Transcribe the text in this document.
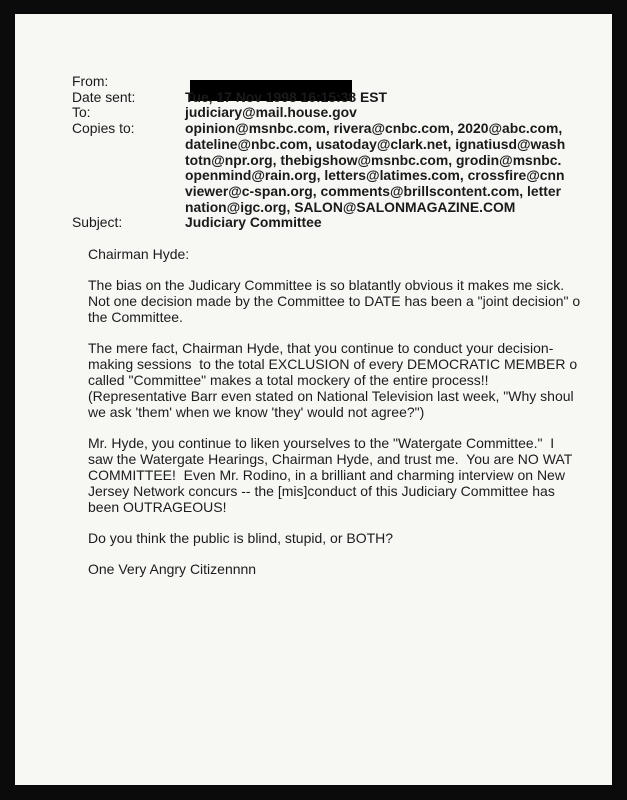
From:
Date sent:	Tue, 17 Nov 1998 16:15:38 EST
To:	judiciary@mail.house.gov
Copies to:	opinion@msnbc.com, rivera@cnbc.com, 2020@abc.com,
dateline@nbc.com, usatoday@clark.net, ignatiusd@wash
totn@npr.org, thebigshow@msnbc.com, grodin@msnbc.
openmind@rain.org, letters@latimes.com, crossfire@cnn
viewer@c-span.org, comments@brillscontent.com, letter
nation@igc.org, SALON@SALONMAGAZINE.COM
Subject:	Judiciary Committee
Chairman Hyde:
The bias on the Judicary Committee is so blatantly obvious it makes me sick.
Not one decision made by the Committee to DATE has been a "joint decision" o
the Committee.
The mere fact, Chairman Hyde, that you continue to conduct your decision-
making sessions  to the total EXCLUSION of every DEMOCRATIC MEMBER o
called "Committee" makes a total mockery of the entire process!!
(Representative Barr even stated on National Television last week, "Why shoul
we ask 'them' when we know 'they' would not agree?")
Mr. Hyde, you continue to liken yourselves to the "Watergate Committee."  I
saw the Watergate Hearings, Chairman Hyde, and trust me.  You are NO WAT
COMMITTEE!  Even Mr. Rodino, in a brilliant and charming interview on New
Jersey Network concurs -- the [mis]conduct of this Judiciary Committee has
been OUTRAGEOUS!
Do you think the public is blind, stupid, or BOTH?
One Very Angry Citizennnn
